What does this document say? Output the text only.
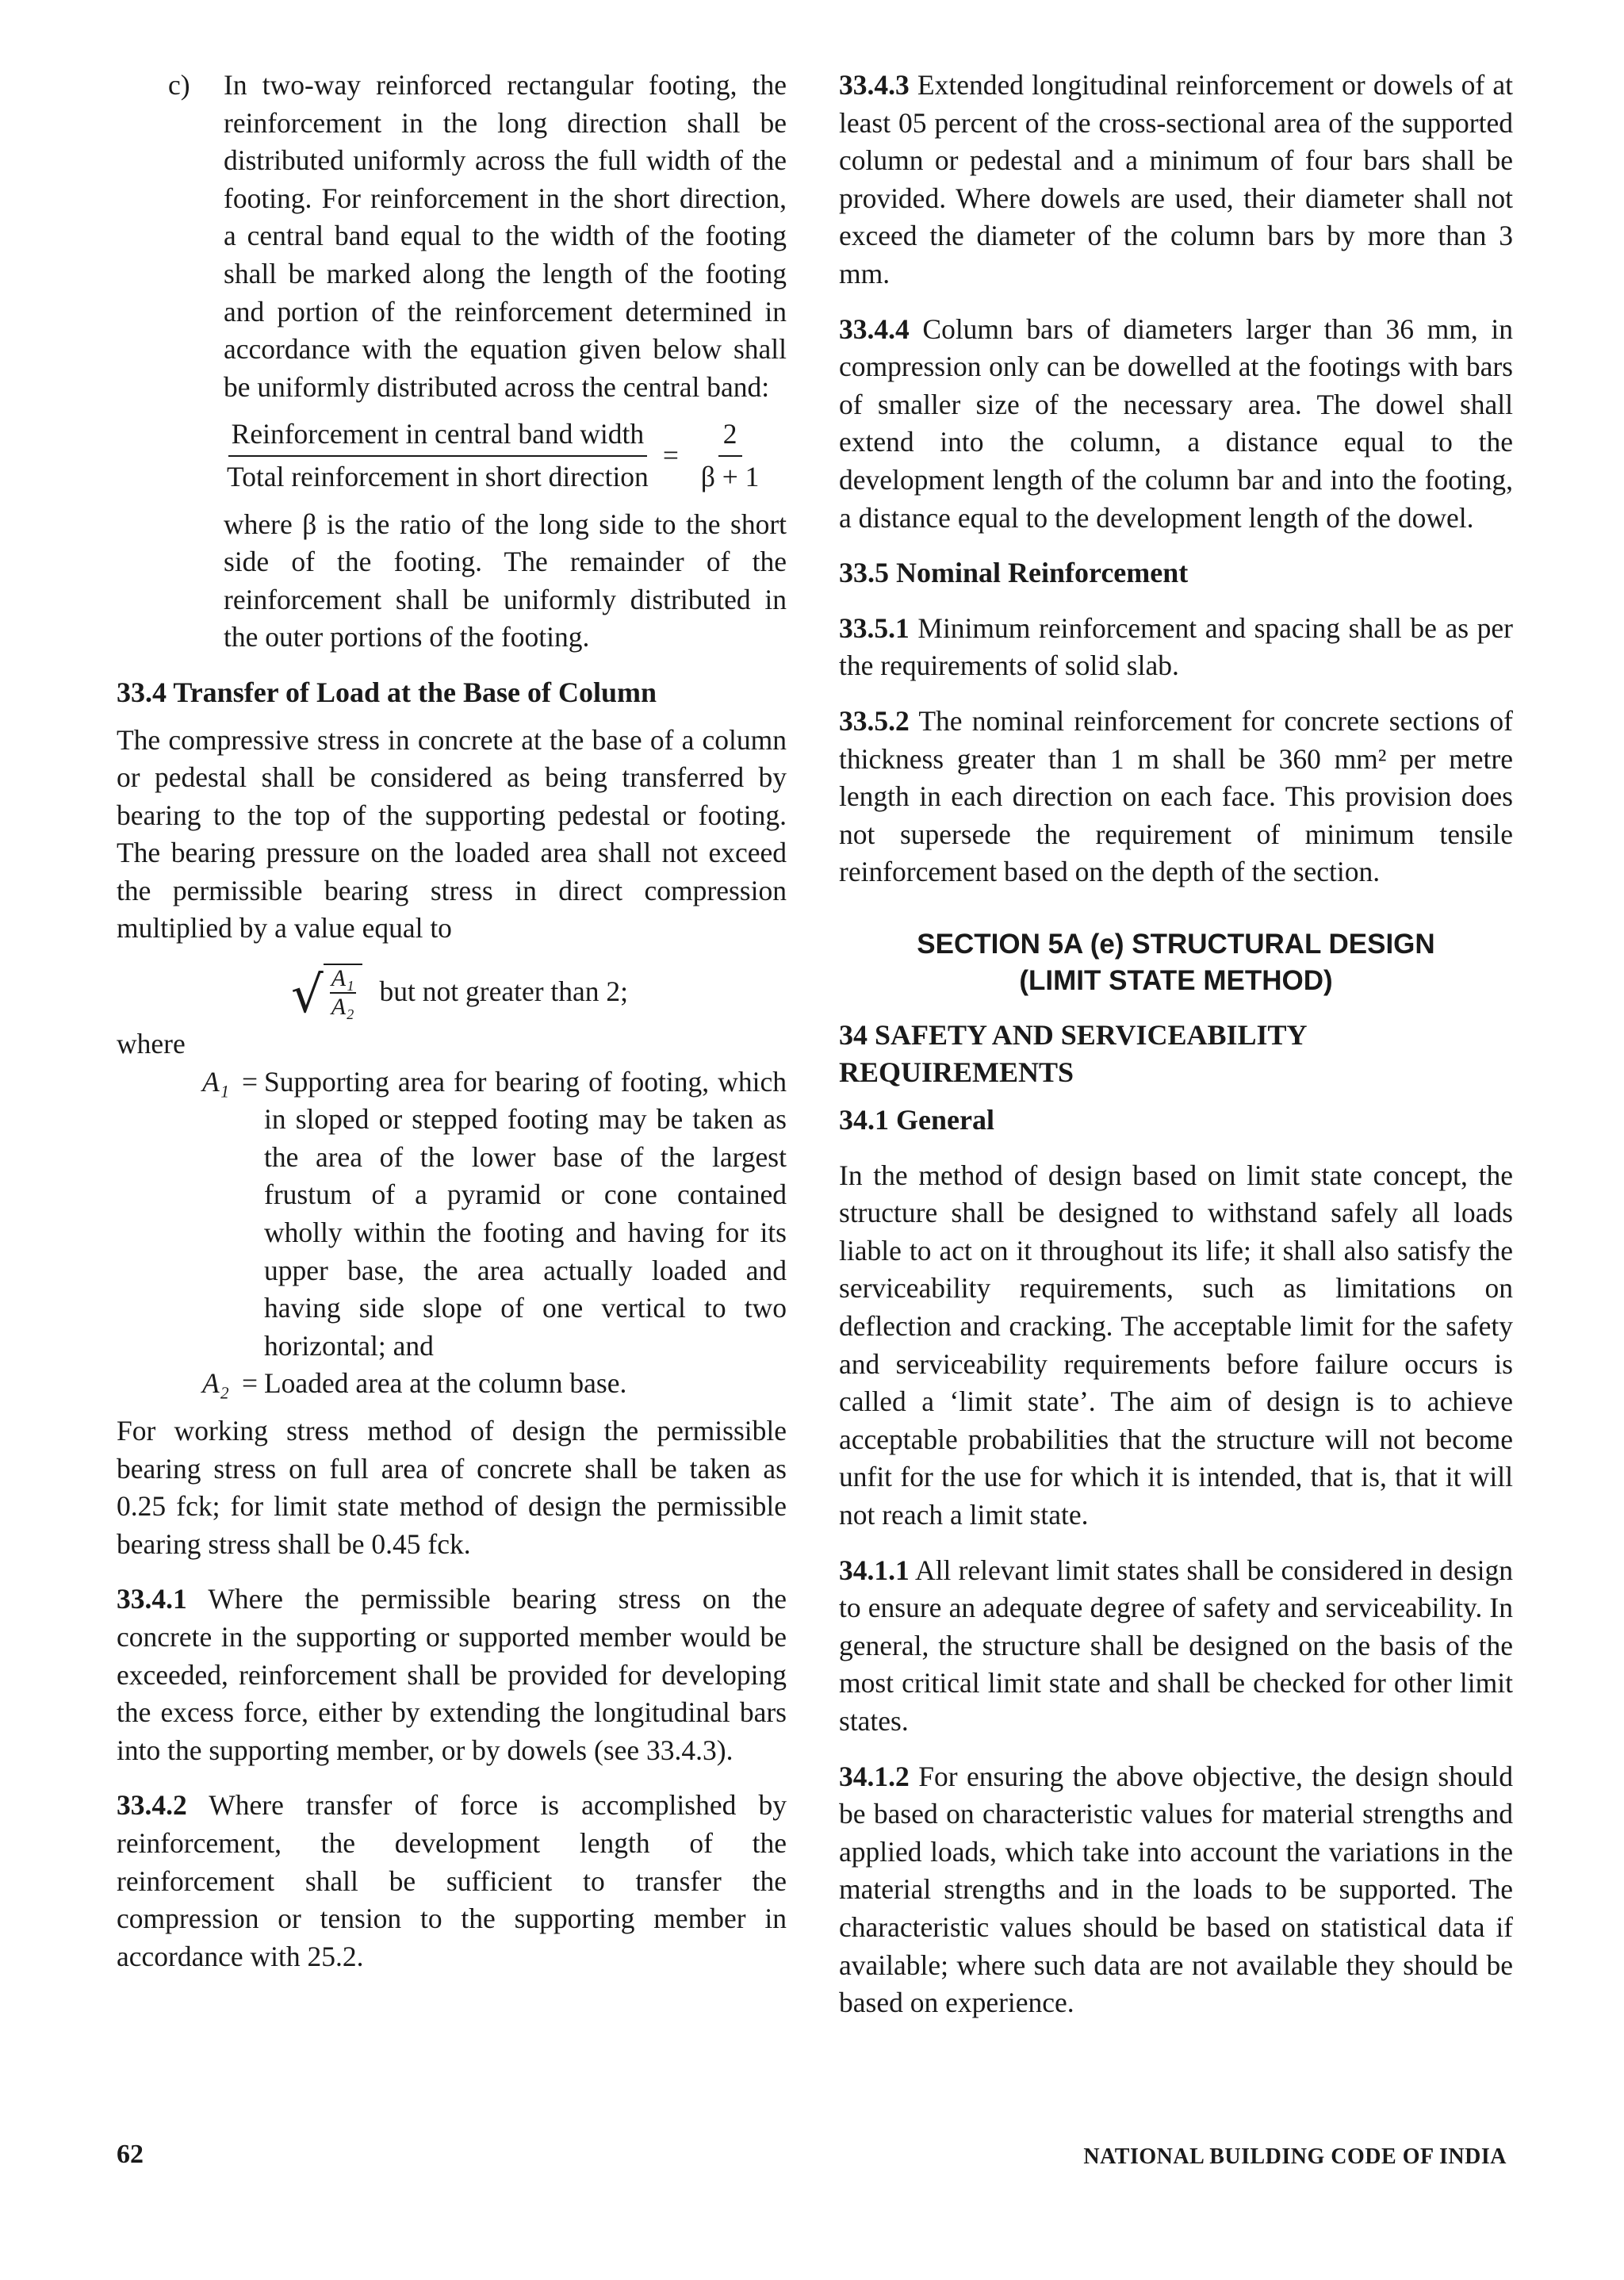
c)	In two-way reinforced rectangular footing, the reinforcement in the long direction shall be distributed uniformly across the full width of the footing. For reinforcement in the short direction, a central band equal to the width of the footing shall be marked along the length of the footing and portion of the reinforcement determined in accordance with the equation given below shall be uniformly distributed across the central band:

$\frac{\text{Reinforcement in central band width}}{\text{Total reinforcement in short direction}} = \frac{2}{\beta + 1}$

where β is the ratio of the long side to the short side of the footing. The remainder of the reinforcement shall be uniformly distributed in the outer portions of the footing.

33.4 Transfer of Load at the Base of Column

The compressive stress in concrete at the base of a column or pedestal shall be considered as being transferred by bearing to the top of the supporting pedestal or footing. The bearing pressure on the loaded area shall not exceed the permissible bearing stress in direct compression multiplied by a value equal to

√ $\frac{\text{A₁}}{\text{A₂}}$ but not greater than 2;

where

A₁ = Supporting area for bearing of footing, which in sloped or stepped footing may be taken as the area of the lower base of the largest frustum of a pyramid or cone contained wholly within the footing and having for its upper base, the area actually loaded and having side slope of one vertical to two horizontal; and
A₂ = Loaded area at the column base.

For working stress method of design the permissible bearing stress on full area of concrete shall be taken as 0.25 fck; for limit state method of design the permissible bearing stress shall be 0.45 fck.

33.4.1 Where the permissible bearing stress on the concrete in the supporting or supported member would be exceeded, reinforcement shall be provided for developing the excess force, either by extending the longitudinal bars into the supporting member, or by dowels (see 33.4.3).

33.4.2 Where transfer of force is accomplished by reinforcement, the development length of the reinforcement shall be sufficient to transfer the compression or tension to the supporting member in accordance with 25.2.

33.4.3 Extended longitudinal reinforcement or dowels of at least 05 percent of the cross-sectional area of the supported column or pedestal and a minimum of four bars shall be provided. Where dowels are used, their diameter shall not exceed the diameter of the column bars by more than 3 mm.

33.4.4 Column bars of diameters larger than 36 mm, in compression only can be dowelled at the footings with bars of smaller size of the necessary area. The dowel shall extend into the column, a distance equal to the development length of the column bar and into the footing, a distance equal to the development length of the dowel.

33.5 Nominal Reinforcement

33.5.1 Minimum reinforcement and spacing shall be as per the requirements of solid slab.

33.5.2 The nominal reinforcement for concrete sections of thickness greater than 1 m shall be 360 mm² per metre length in each direction on each face. This provision does not supersede the requirement of minimum tensile reinforcement based on the depth of the section.

SECTION 5A (e) STRUCTURAL DESIGN

(LIMIT STATE METHOD)

34 SAFETY AND SERVICEABILITY REQUIREMENTS
34.1 General

In the method of design based on limit state concept, the structure shall be designed to withstand safely all loads liable to act on it throughout its life; it shall also satisfy the serviceability requirements, such as limitations on deflection and cracking. The acceptable limit for the safety and serviceability requirements before failure occurs is called a ‘limit state’. The aim of design is to achieve acceptable probabilities that the structure will not become unfit for the use for which it is intended, that is, that it will not reach a limit state.

34.1.1 All relevant limit states shall be considered in design to ensure an adequate degree of safety and serviceability. In general, the structure shall be designed on the basis of the most critical limit state and shall be checked for other limit states.

34.1.2 For ensuring the above objective, the design should be based on characteristic values for material strengths and applied loads, which take into account the variations in the material strengths and in the loads to be supported. The characteristic values should be based on statistical data if available; where such data are not available they should be based on experience.

62	NATIONAL BUILDING CODE OF INDIA
